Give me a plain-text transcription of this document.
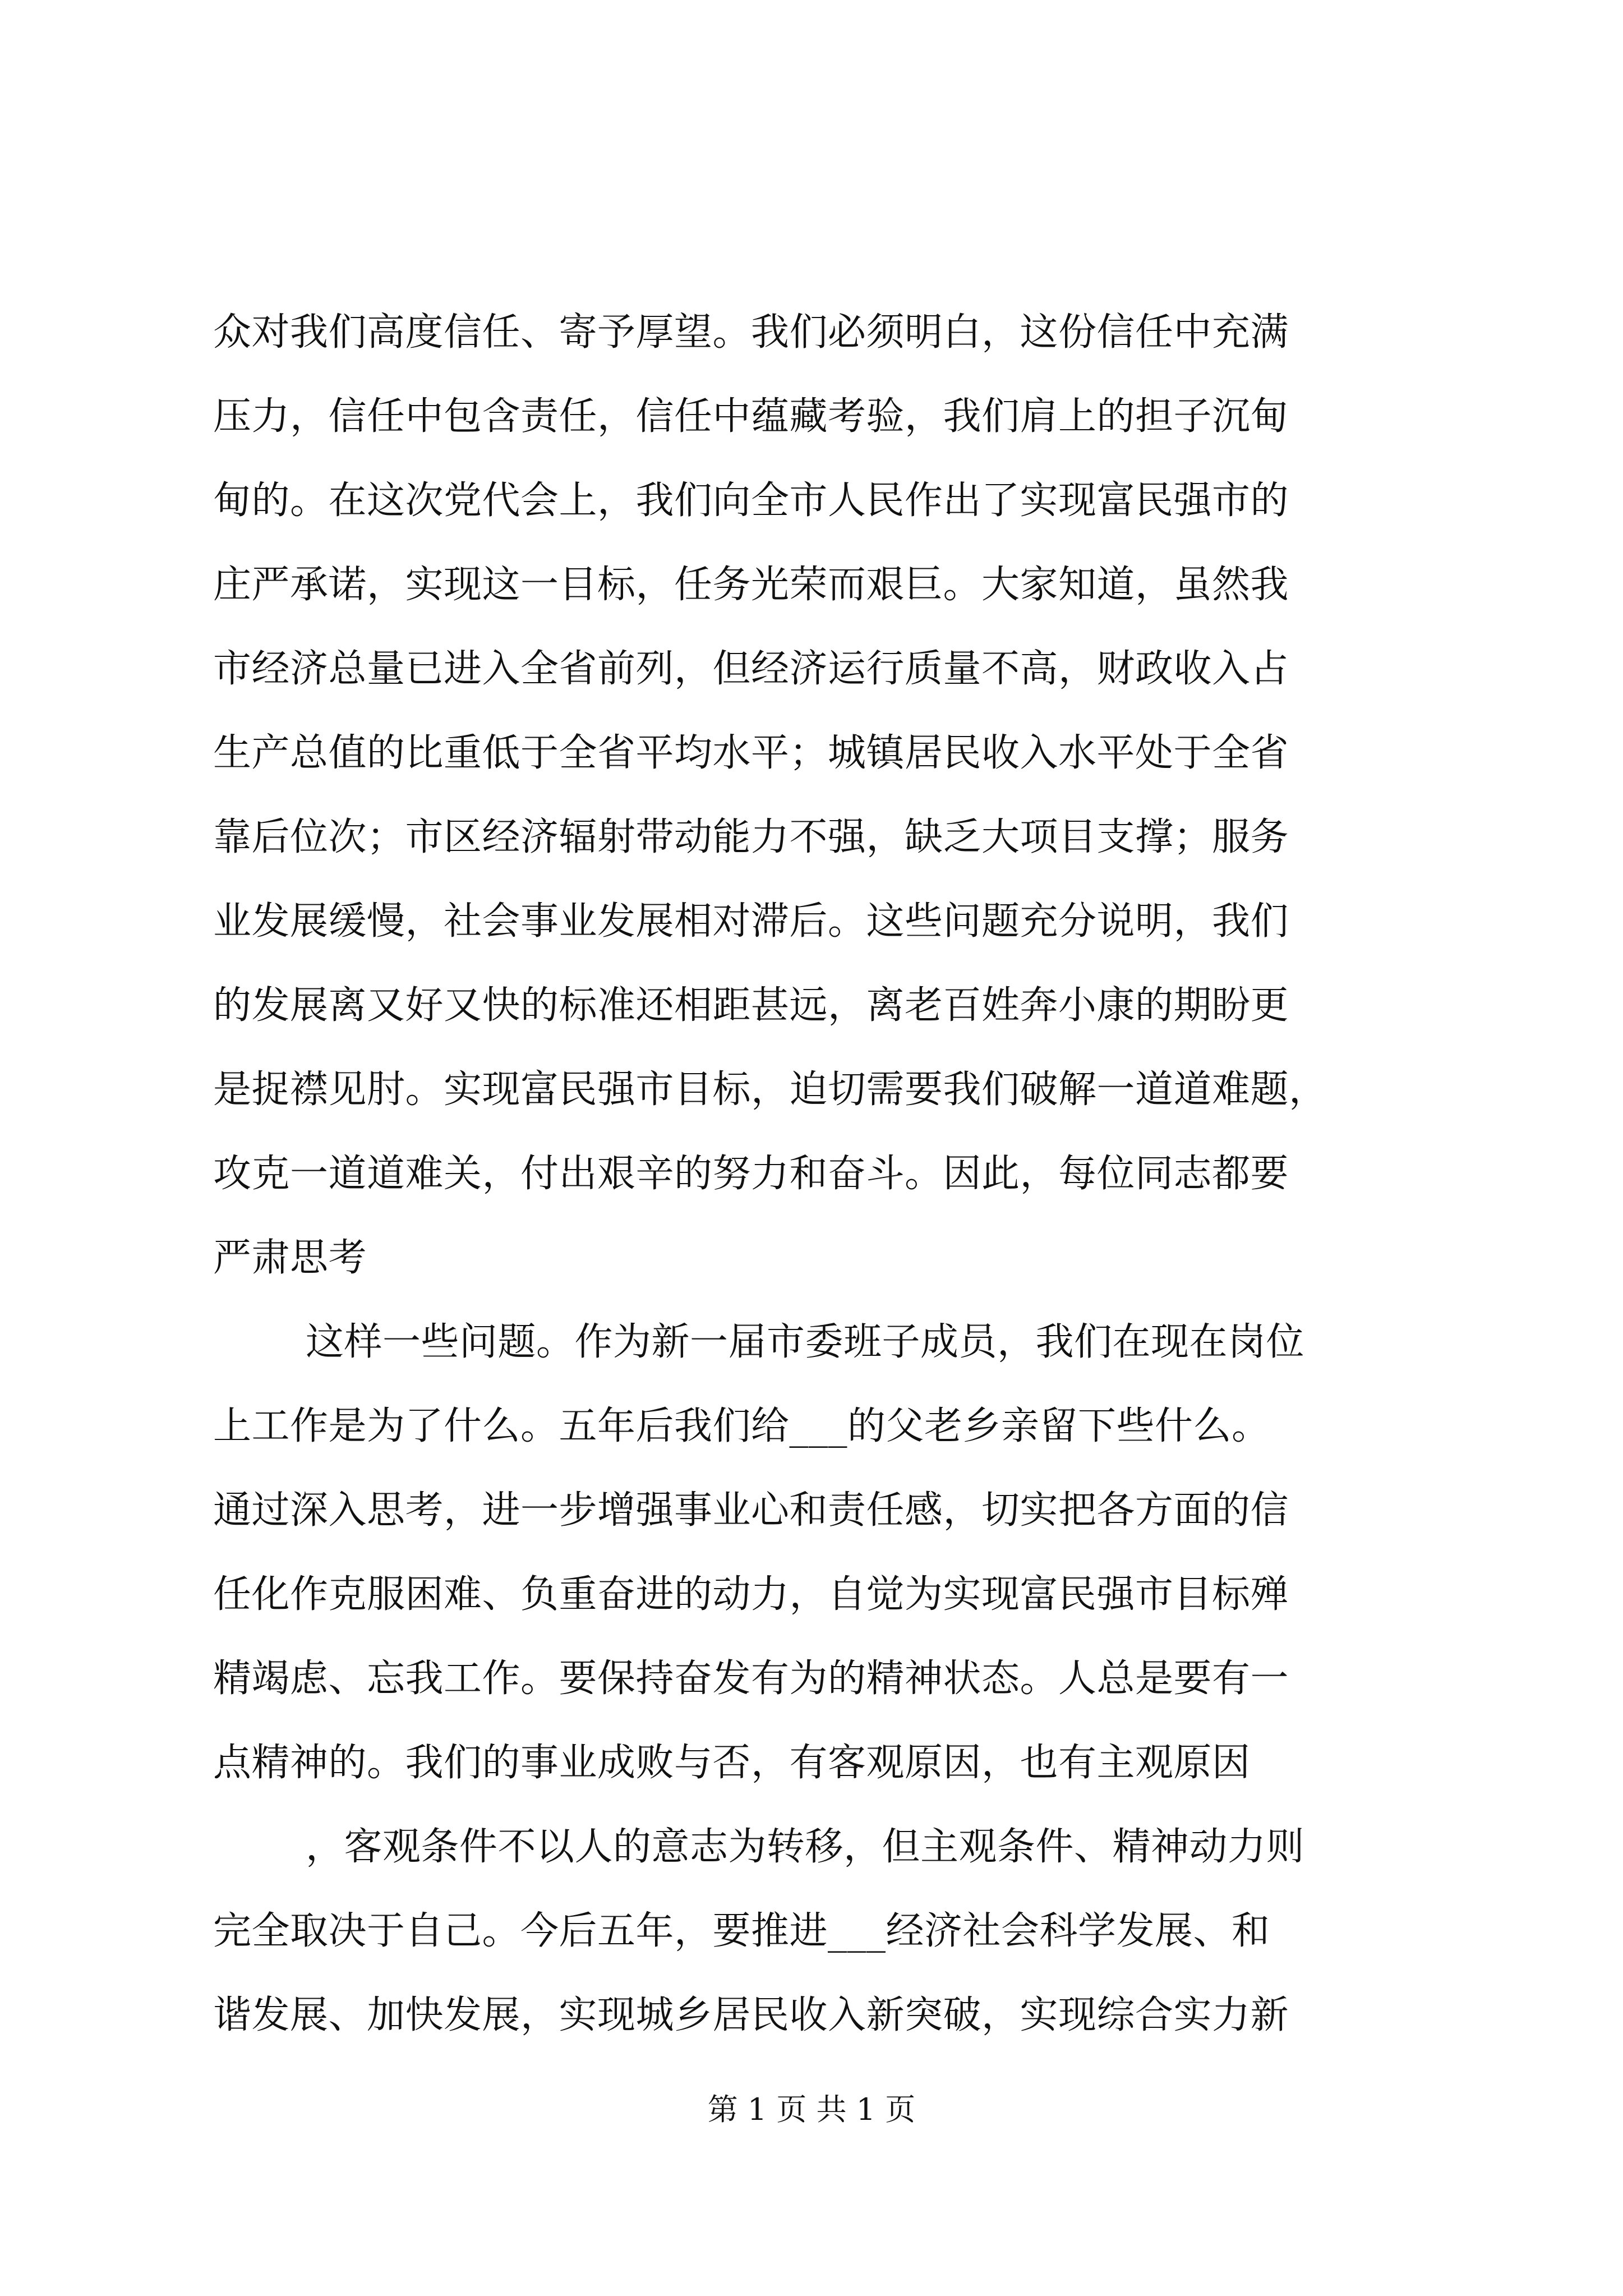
众对我们高度信任、寄予厚望。我们必须明白，这份信任中充满
压力，信任中包含责任，信任中蕴藏考验，我们肩上的担子沉甸
甸的。在这次党代会上，我们向全市人民作出了实现富民强市的
庄严承诺，实现这一目标，任务光荣而艰巨。大家知道，虽然我
市经济总量已进入全省前列，但经济运行质量不高，财政收入占
生产总值的比重低于全省平均水平；城镇居民收入水平处于全省
靠后位次；市区经济辐射带动能力不强，缺乏大项目支撑；服务
业发展缓慢，社会事业发展相对滞后。这些问题充分说明，我们
的发展离又好又快的标准还相距甚远，离老百姓奔小康的期盼更
是捉襟见肘。实现富民强市目标，迫切需要我们破解一道道难题，
攻克一道道难关，付出艰辛的努力和奋斗。因此，每位同志都要
严肃思考
这样一些问题。作为新一届市委班子成员，我们在现在岗位
上工作是为了什么。五年后我们给___的父老乡亲留下些什么。
通过深入思考，进一步增强事业心和责任感，切实把各方面的信
任化作克服困难、负重奋进的动力，自觉为实现富民强市目标殚
精竭虑、忘我工作。要保持奋发有为的精神状态。人总是要有一
点精神的。我们的事业成败与否，有客观原因，也有主观原因
，客观条件不以人的意志为转移，但主观条件、精神动力则
完全取决于自己。今后五年，要推进___经济社会科学发展、和
谐发展、加快发展，实现城乡居民收入新突破，实现综合实力新
第 1 页 共 1 页
